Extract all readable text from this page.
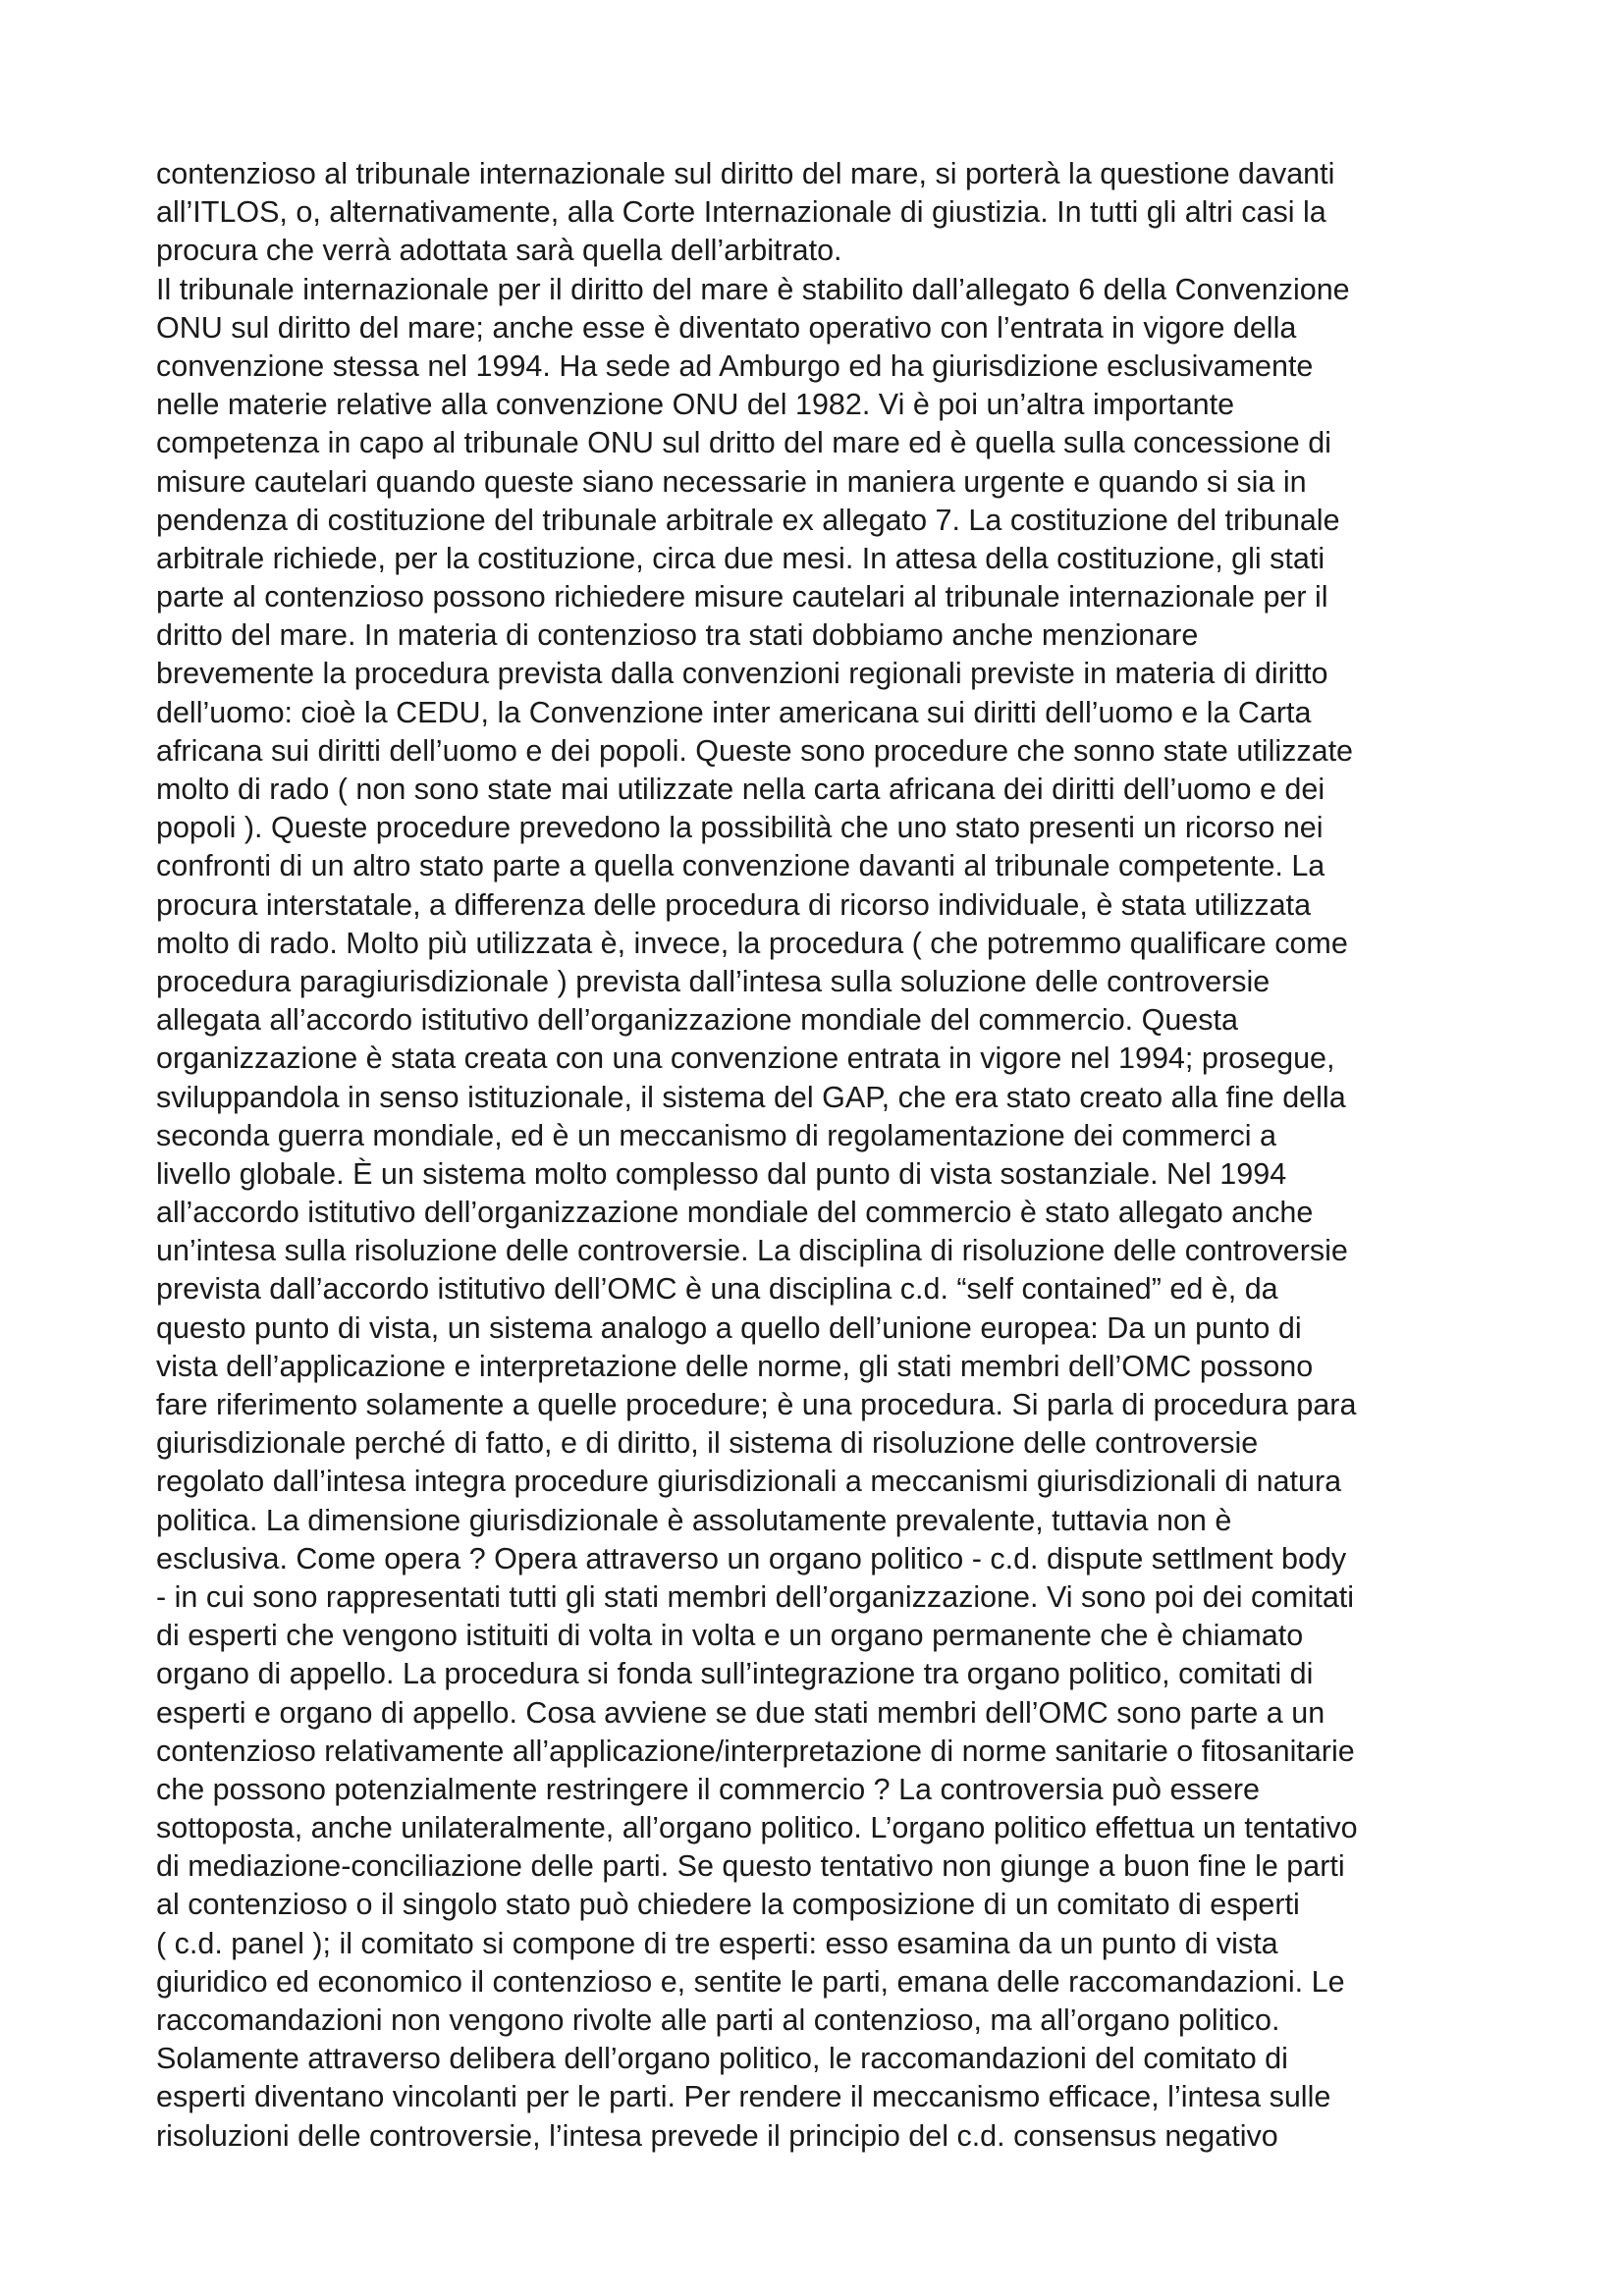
contenzioso al tribunale internazionale sul diritto del mare, si porterà la questione davanti
all’ITLOS, o, alternativamente, alla Corte Internazionale di giustizia. In tutti gli altri casi la
procura che verrà adottata sarà quella dell’arbitrato.
Il tribunale internazionale per il diritto del mare è stabilito dall’allegato 6 della Convenzione
ONU sul diritto del mare; anche esse è diventato operativo con l’entrata in vigore della
convenzione stessa nel 1994. Ha sede ad Amburgo ed ha giurisdizione esclusivamente
nelle materie relative alla convenzione ONU del 1982. Vi è poi un’altra importante
competenza in capo al tribunale ONU sul dritto del mare ed è quella sulla concessione di
misure cautelari quando queste siano necessarie in maniera urgente e quando si sia in
pendenza di costituzione del tribunale arbitrale ex allegato 7. La costituzione del tribunale
arbitrale richiede, per la costituzione, circa due mesi. In attesa della costituzione, gli stati
parte al contenzioso possono richiedere misure cautelari al tribunale internazionale per il
dritto del mare. In materia di contenzioso tra stati dobbiamo anche menzionare
brevemente la procedura prevista dalla convenzioni regionali previste in materia di diritto
dell’uomo: cioè la CEDU, la Convenzione inter americana sui diritti dell’uomo e la Carta
africana sui diritti dell’uomo e dei popoli. Queste sono procedure che sonno state utilizzate
molto di rado ( non sono state mai utilizzate nella carta africana dei diritti dell’uomo e dei
popoli ). Queste procedure prevedono la possibilità che uno stato presenti un ricorso nei
confronti di un altro stato parte a quella convenzione davanti al tribunale competente. La
procura interstatale, a differenza delle procedura di ricorso individuale, è stata utilizzata
molto di rado. Molto più utilizzata è, invece, la procedura ( che potremmo qualificare come
procedura paragiurisdizionale ) prevista dall’intesa sulla soluzione delle controversie
allegata all’accordo istitutivo dell’organizzazione mondiale del commercio. Questa
organizzazione è stata creata con una convenzione entrata in vigore nel 1994; prosegue,
sviluppandola in senso istituzionale, il sistema del GAP, che era stato creato alla fine della
seconda guerra mondiale, ed è un meccanismo di regolamentazione dei commerci a
livello globale. È un sistema molto complesso dal punto di vista sostanziale. Nel 1994
all’accordo istitutivo dell’organizzazione mondiale del commercio è stato allegato anche
un’intesa sulla risoluzione delle controversie. La disciplina di risoluzione delle controversie
prevista dall’accordo istitutivo dell’OMC è una disciplina c.d. “self contained” ed è, da
questo punto di vista, un sistema analogo a quello dell’unione europea: Da un punto di
vista dell’applicazione e interpretazione delle norme, gli stati membri dell’OMC possono
fare riferimento solamente a quelle procedure; è una procedura. Si parla di procedura para
giurisdizionale perché di fatto, e di diritto, il sistema di risoluzione delle controversie
regolato dall’intesa integra procedure giurisdizionali a meccanismi giurisdizionali di natura
politica. La dimensione giurisdizionale è assolutamente prevalente, tuttavia non è
esclusiva. Come opera ? Opera attraverso un organo politico - c.d. dispute settlment body
- in cui sono rappresentati tutti gli stati membri dell’organizzazione. Vi sono poi dei comitati
di esperti che vengono istituiti di volta in volta e un organo permanente che è chiamato
organo di appello. La procedura si fonda sull’integrazione tra organo politico, comitati di
esperti e organo di appello. Cosa avviene se due stati membri dell’OMC sono parte a un
contenzioso relativamente all’applicazione/interpretazione di norme sanitarie o fitosanitarie
che possono potenzialmente restringere il commercio ? La controversia può essere
sottoposta, anche unilateralmente, all’organo politico. L’organo politico effettua un tentativo
di mediazione-conciliazione delle parti. Se questo tentativo non giunge a buon fine le parti
al contenzioso o il singolo stato può chiedere la composizione di un comitato di esperti
( c.d. panel ); il comitato si compone di tre esperti: esso esamina da un punto di vista
giuridico ed economico il contenzioso e, sentite le parti, emana delle raccomandazioni. Le
raccomandazioni non vengono rivolte alle parti al contenzioso, ma all’organo politico.
Solamente attraverso delibera dell’organo politico, le raccomandazioni del comitato di
esperti diventano vincolanti per le parti. Per rendere il meccanismo efficace, l’intesa sulle
risoluzioni delle controversie, l’intesa prevede il principio del c.d. consensus negativo
